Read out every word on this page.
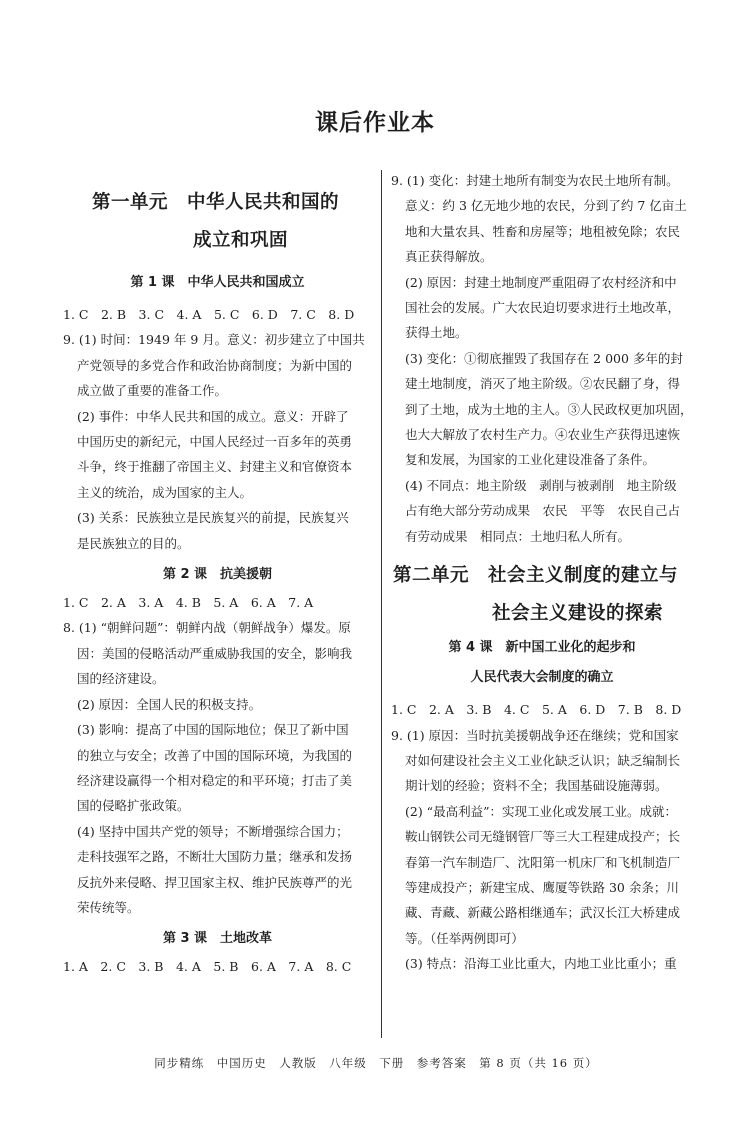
课后作业本
第一单元　中华人民共和国的
成立和巩固
第 1 课　中华人民共和国成立

1. C　2. B　3. C　4. A　5. C　6. D　7. C　8. D

9. (1) 时间：1949 年 9 月。意义：初步建立了中国共

产党领导的多党合作和政治协商制度；为新中国的

成立做了重要的准备工作。

(2) 事件：中华人民共和国的成立。意义：开辟了

中国历史的新纪元，中国人民经过一百多年的英勇

斗争，终于推翻了帝国主义、封建主义和官僚资本

主义的统治，成为国家的主人。

(3) 关系：民族独立是民族复兴的前提，民族复兴

是民族独立的目的。

第 2 课　抗美援朝

1. C　2. A　3. A　4. B　5. A　6. A　7. A

8. (1) “朝鲜问题”：朝鲜内战（朝鲜战争）爆发。原

因：美国的侵略活动严重威胁我国的安全，影响我

国的经济建设。

(2) 原因：全国人民的积极支持。

(3) 影响：提高了中国的国际地位；保卫了新中国

的独立与安全；改善了中国的国际环境，为我国的

经济建设赢得一个相对稳定的和平环境；打击了美

国的侵略扩张政策。

(4) 坚持中国共产党的领导；不断增强综合国力；

走科技强军之路，不断壮大国防力量；继承和发扬

反抗外来侵略、捍卫国家主权、维护民族尊严的光

荣传统等。

第 3 课　土地改革

1. A　2. C　3. B　4. A　5. B　6. A　7. A　8. C

9. (1) 变化：封建土地所有制变为农民土地所有制。

意义：约 3 亿无地少地的农民，分到了约 7 亿亩土

地和大量农具、牲畜和房屋等；地租被免除；农民

真正获得解放。

(2) 原因：封建土地制度严重阻碍了农村经济和中

国社会的发展。广大农民迫切要求进行土地改革，

获得土地。

(3) 变化：①彻底摧毁了我国存在 2 000 多年的封

建土地制度，消灭了地主阶级。②农民翻了身，得

到了土地，成为土地的主人。③人民政权更加巩固，

也大大解放了农村生产力。④农业生产获得迅速恢

复和发展，为国家的工业化建设准备了条件。

(4) 不同点：地主阶级　剥削与被剥削　地主阶级

占有绝大部分劳动成果　农民　平等　农民自己占

有劳动成果　相同点：土地归私人所有。

第二单元　社会主义制度的建立与
社会主义建设的探索
第 4 课　新中国工业化的起步和
人民代表大会制度的确立

1. C　2. A　3. B　4. C　5. A　6. D　7. B　8. D

9. (1) 原因：当时抗美援朝战争还在继续；党和国家

对如何建设社会主义工业化缺乏认识；缺乏编制长

期计划的经验；资料不全；我国基础设施薄弱。

(2) “最高利益”：实现工业化或发展工业。成就：

鞍山钢铁公司无缝钢管厂等三大工程建成投产；长

春第一汽车制造厂、沈阳第一机床厂和飞机制造厂

等建成投产；新建宝成、鹰厦等铁路 30 余条；川

藏、青藏、新藏公路相继通车；武汉长江大桥建成

等。（任举两例即可）

(3) 特点：沿海工业比重大，内地工业比重小；重

同步精练　中国历史　人教版　八年级　下册　参考答案　第 8 页（共 16 页）
